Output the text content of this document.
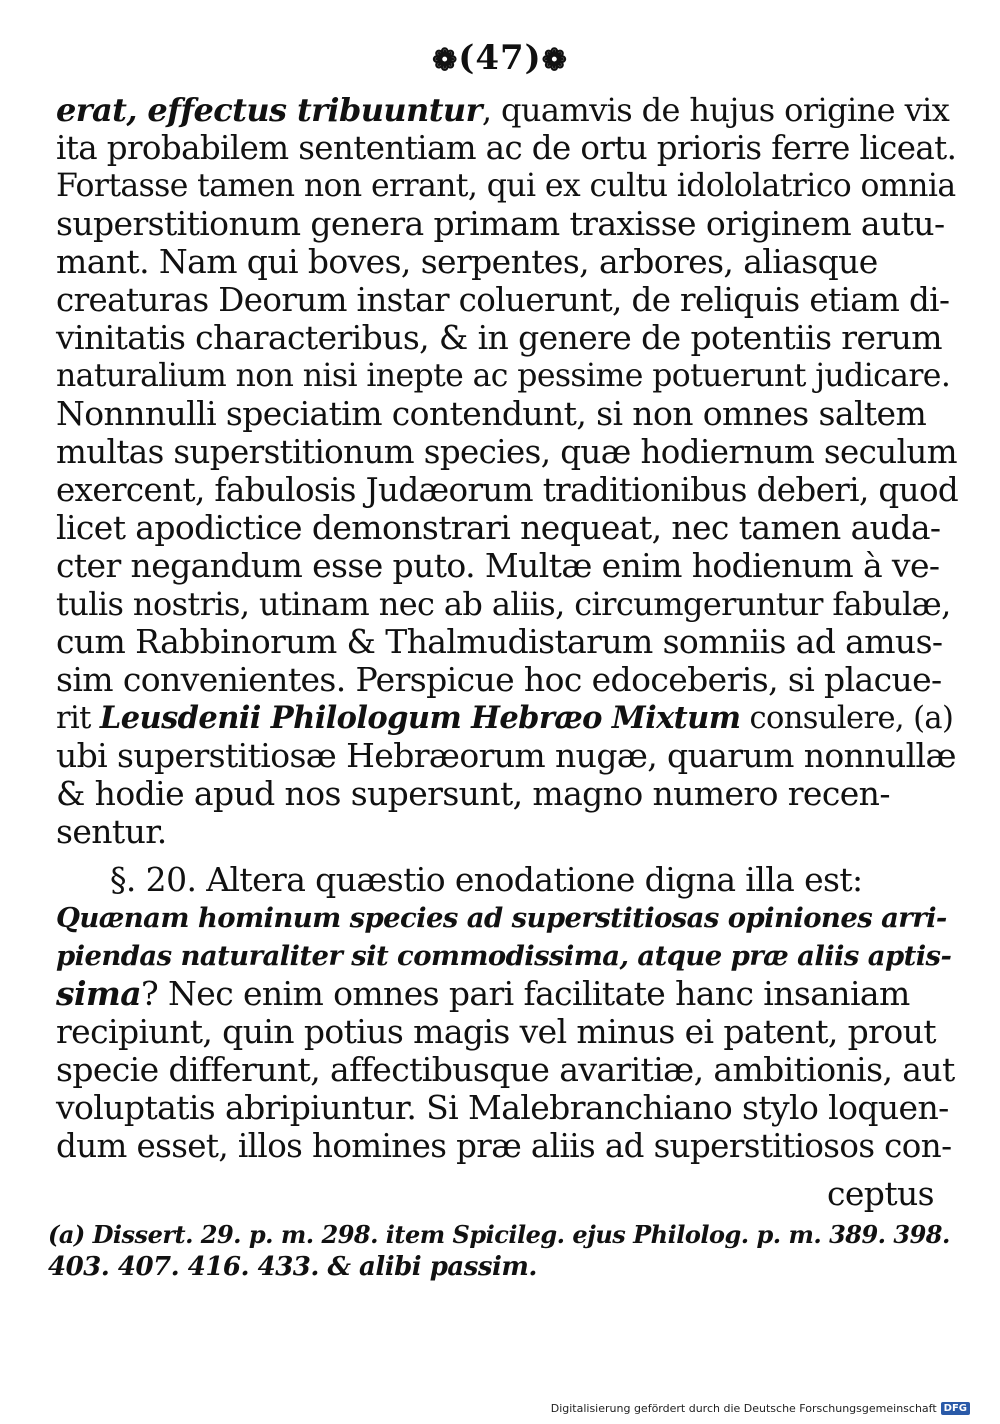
❁(47)❁
erat, effectus tribuuntur, quamvis de hujus origine vix
ita probabilem sententiam ac de ortu prioris ferre liceat.
Fortasse tamen non errant, qui ex cultu idololatrico omnia
superstitionum genera primam traxisse originem autu-
mant. Nam qui boves, serpentes, arbores, aliasque
creaturas Deorum instar coluerunt, de reliquis etiam di-
vinitatis characteribus, & in genere de potentiis rerum
naturalium non nisi inepte ac pessime potuerunt judicare.
Nonnnulli speciatim contendunt, si non omnes saltem
multas superstitionum species, quæ hodiernum seculum
exercent, fabulosis Judæorum traditionibus deberi, quod
licet apodictice demonstrari nequeat, nec tamen auda-
cter negandum esse puto. Multæ enim hodienum à ve-
tulis nostris, utinam nec ab aliis, circumgeruntur fabulæ,
cum Rabbinorum & Thalmudistarum somniis ad amus-
sim convenientes. Perspicue hoc edoceberis, si placue-
rit Leusdenii Philologum Hebræo Mixtum consulere, (a)
ubi superstitiosæ Hebræorum nugæ, quarum nonnullæ
& hodie apud nos supersunt, magno numero recen-
sentur.
§. 20. Altera quæstio enodatione digna illa est:
Quænam hominum species ad superstitiosas opiniones arri-
piendas naturaliter sit commodissima, atque præ aliis aptis-
sima? Nec enim omnes pari facilitate hanc insaniam
recipiunt, quin potius magis vel minus ei patent, prout
specie differunt, affectibusque avaritiæ, ambitionis, aut
voluptatis abripiuntur. Si Malebranchiano stylo loquen-
dum esset, illos homines præ aliis ad superstitiosos con-
ceptus
(a) Dissert. 29. p. m. 298. item Spicileg. ejus Philolog. p. m. 389. 398.
403. 407. 416. 433. & alibi passim.
Digitalisierung gefördert durch die Deutsche Forschungsgemeinschaft DFG
